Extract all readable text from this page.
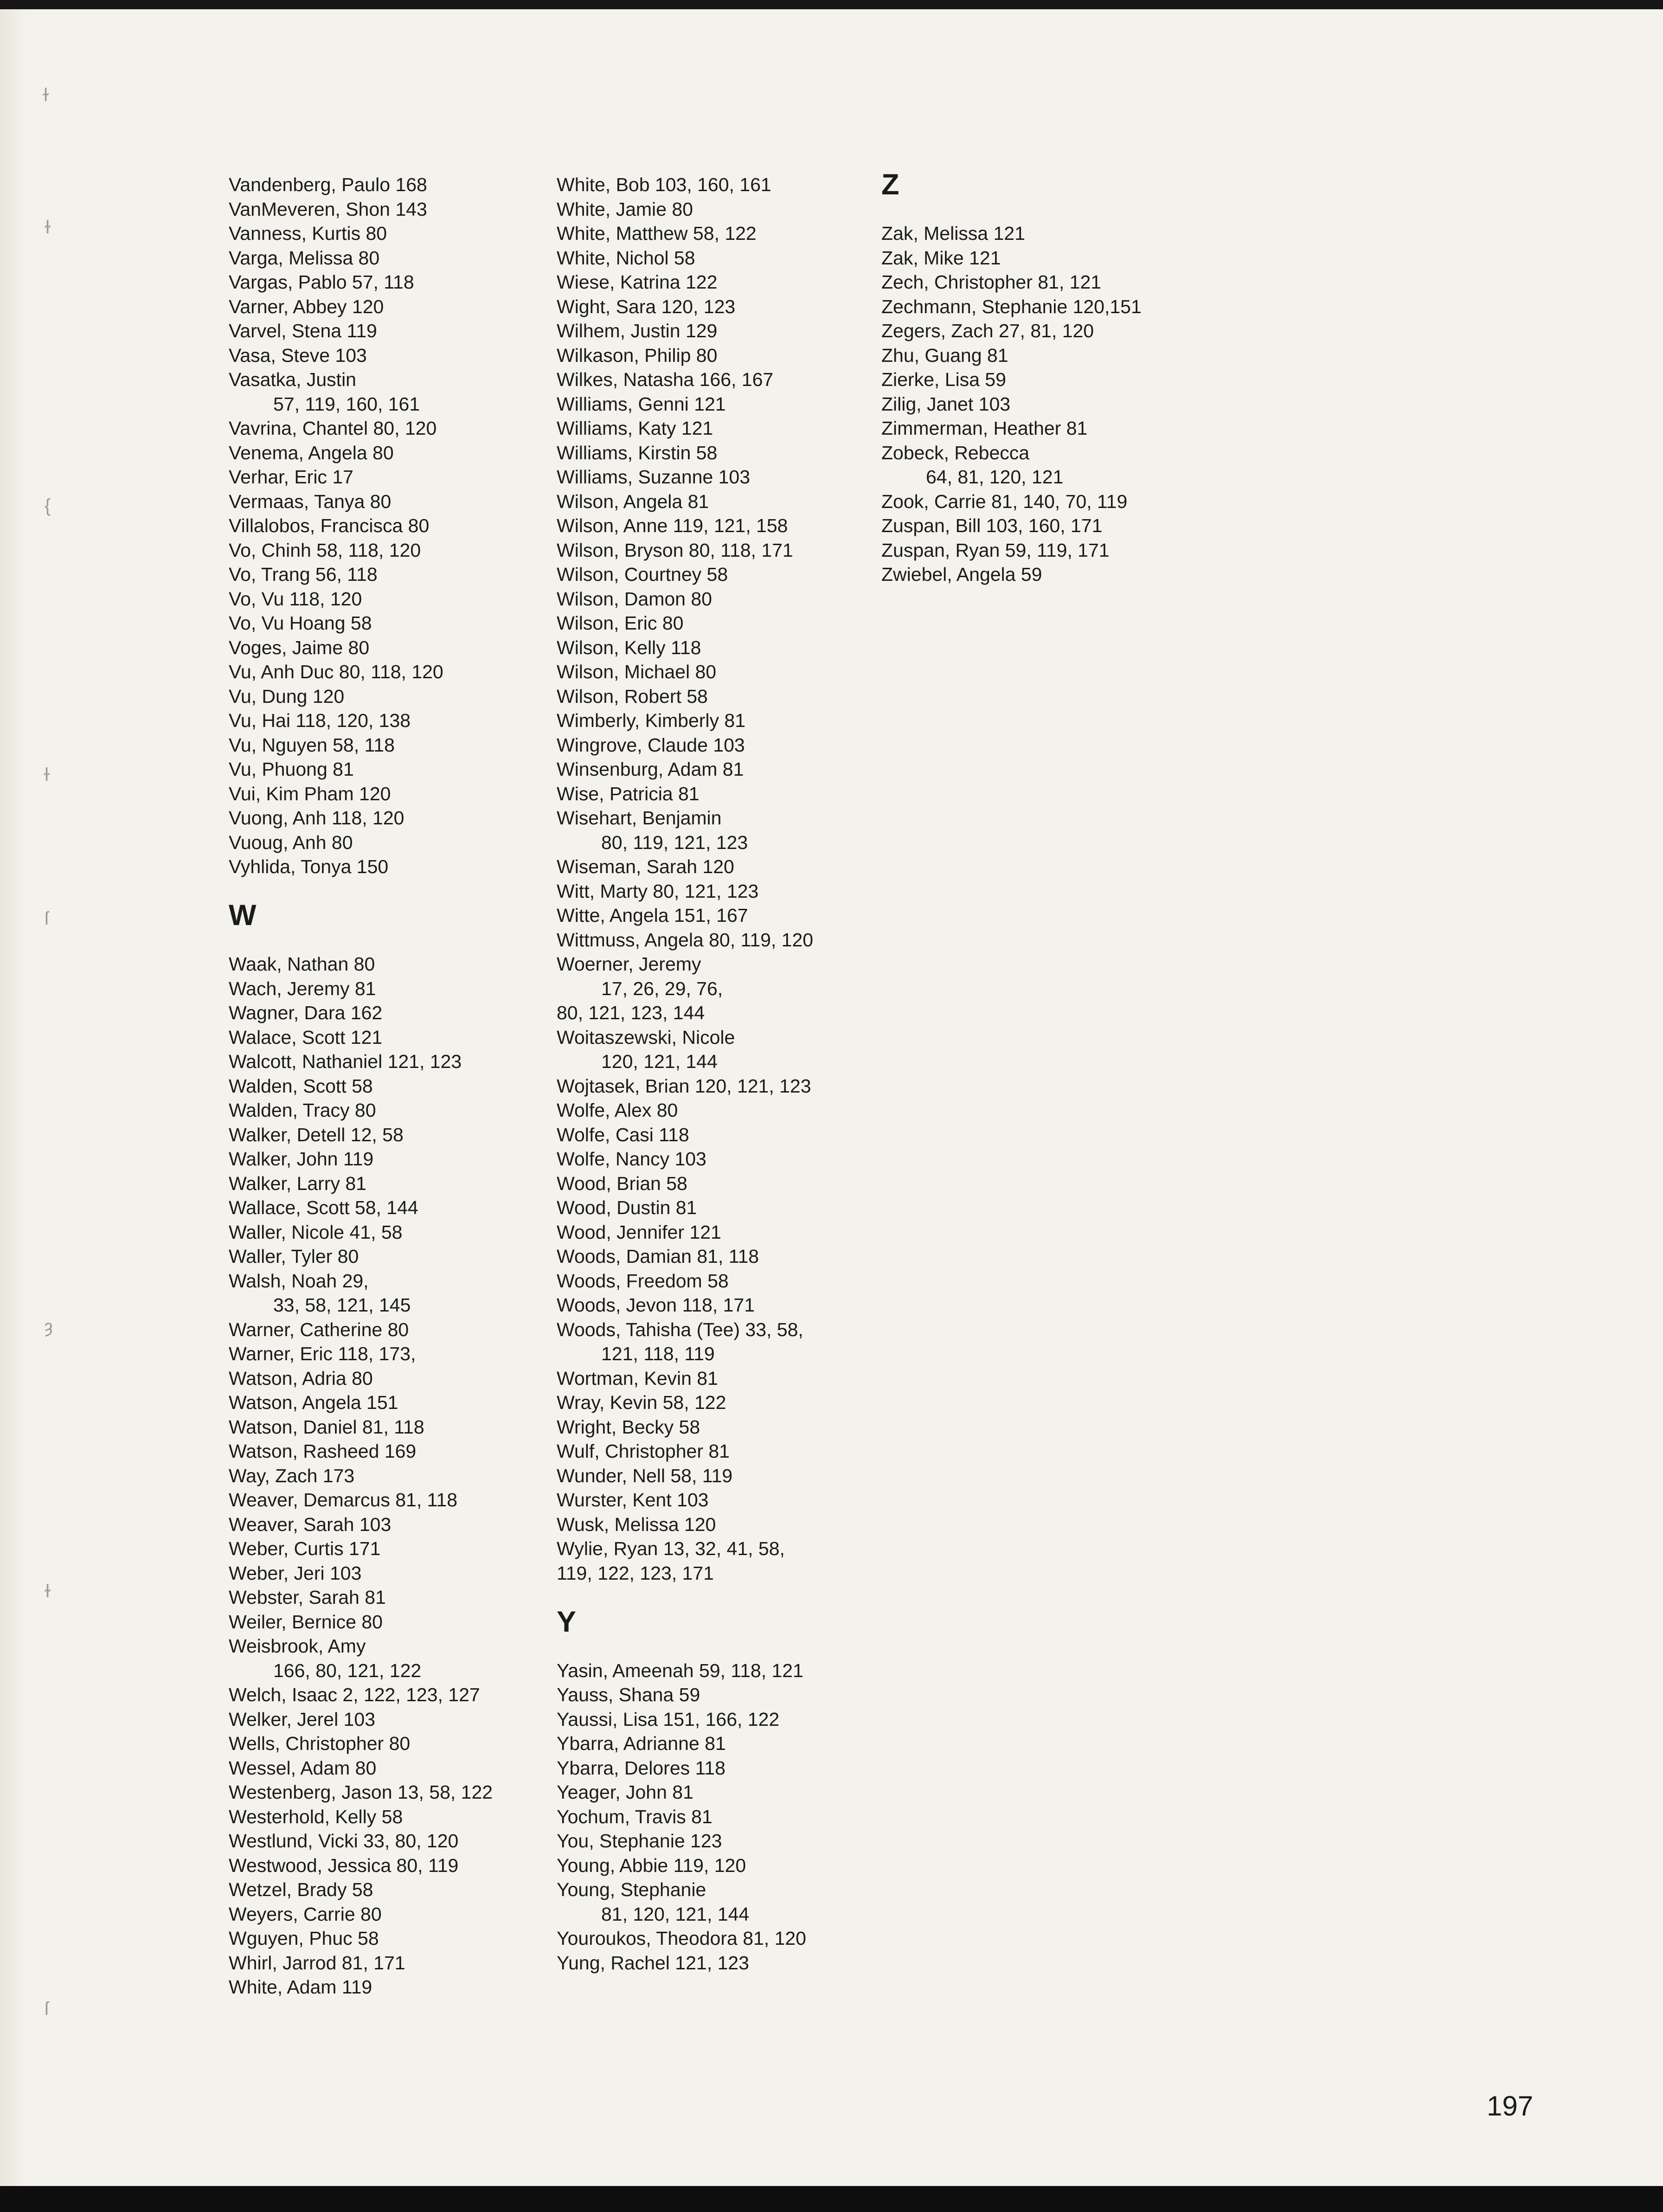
ɫ
ɫ
{
ɫ
ſ
ȝ
ɫ
ſ
Vandenberg, Paulo 168
VanMeveren, Shon 143
Vanness, Kurtis 80
Varga, Melissa 80
Vargas, Pablo 57, 118
Varner, Abbey 120
Varvel, Stena 119
Vasa, Steve 103
Vasatka, Justin
57, 119, 160, 161
Vavrina, Chantel 80, 120
Venema, Angela 80
Verhar, Eric 17
Vermaas, Tanya 80
Villalobos, Francisca 80
Vo, Chinh 58, 118, 120
Vo, Trang 56, 118
Vo, Vu 118, 120
Vo, Vu Hoang 58
Voges, Jaime 80
Vu, Anh Duc 80, 118, 120
Vu, Dung 120
Vu, Hai 118, 120, 138
Vu, Nguyen 58, 118
Vu, Phuong 81
Vui, Kim Pham 120
Vuong, Anh 118, 120
Vuoug, Anh 80
Vyhlida, Tonya 150
W
Waak, Nathan 80
Wach, Jeremy 81
Wagner, Dara 162
Walace, Scott 121
Walcott, Nathaniel 121, 123
Walden, Scott 58
Walden, Tracy 80
Walker, Detell 12, 58
Walker, John 119
Walker, Larry 81
Wallace, Scott 58, 144
Waller, Nicole 41, 58
Waller, Tyler 80
Walsh, Noah 29,
33, 58, 121, 145
Warner, Catherine 80
Warner, Eric 118, 173,
Watson, Adria 80
Watson, Angela 151
Watson, Daniel 81, 118
Watson, Rasheed 169
Way, Zach 173
Weaver, Demarcus 81, 118
Weaver, Sarah 103
Weber, Curtis 171
Weber, Jeri 103
Webster, Sarah 81
Weiler, Bernice 80
Weisbrook, Amy
166, 80, 121, 122
Welch, Isaac 2, 122, 123, 127
Welker, Jerel 103
Wells, Christopher 80
Wessel, Adam 80
Westenberg, Jason 13, 58, 122
Westerhold, Kelly 58
Westlund, Vicki 33, 80, 120
Westwood, Jessica 80, 119
Wetzel, Brady 58
Weyers, Carrie 80
Wguyen, Phuc 58
Whirl, Jarrod 81, 171
White, Adam 119
White, Bob 103, 160, 161
White, Jamie 80
White, Matthew 58, 122
White, Nichol 58
Wiese, Katrina 122
Wight, Sara 120, 123
Wilhem, Justin 129
Wilkason, Philip 80
Wilkes, Natasha 166, 167
Williams, Genni 121
Williams, Katy 121
Williams, Kirstin 58
Williams, Suzanne 103
Wilson, Angela 81
Wilson, Anne 119, 121, 158
Wilson, Bryson 80, 118, 171
Wilson, Courtney 58
Wilson, Damon 80
Wilson, Eric 80
Wilson, Kelly 118
Wilson, Michael 80
Wilson, Robert 58
Wimberly, Kimberly 81
Wingrove, Claude 103
Winsenburg, Adam 81
Wise, Patricia 81
Wisehart, Benjamin
80, 119, 121, 123
Wiseman, Sarah 120
Witt, Marty 80, 121, 123
Witte, Angela 151, 167
Wittmuss, Angela 80, 119, 120
Woerner, Jeremy
17, 26, 29, 76,
80, 121, 123, 144
Woitaszewski, Nicole
120, 121, 144
Wojtasek, Brian 120, 121, 123
Wolfe, Alex 80
Wolfe, Casi 118
Wolfe, Nancy 103
Wood, Brian 58
Wood, Dustin 81
Wood, Jennifer 121
Woods, Damian 81, 118
Woods, Freedom 58
Woods, Jevon 118, 171
Woods, Tahisha (Tee) 33, 58,
121, 118, 119
Wortman, Kevin 81
Wray, Kevin 58, 122
Wright, Becky 58
Wulf, Christopher 81
Wunder, Nell 58, 119
Wurster, Kent 103
Wusk, Melissa 120
Wylie, Ryan 13, 32, 41, 58,
119, 122, 123, 171
Y
Yasin, Ameenah 59, 118, 121
Yauss, Shana 59
Yaussi, Lisa 151, 166, 122
Ybarra, Adrianne 81
Ybarra, Delores 118
Yeager, John 81
Yochum, Travis 81
You, Stephanie 123
Young, Abbie 119, 120
Young, Stephanie
81, 120, 121, 144
Youroukos, Theodora 81, 120
Yung, Rachel 121, 123
Z
Zak, Melissa 121
Zak, Mike 121
Zech, Christopher 81, 121
Zechmann, Stephanie 120,151
Zegers, Zach 27, 81, 120
Zhu, Guang 81
Zierke, Lisa 59
Zilig, Janet 103
Zimmerman, Heather 81
Zobeck, Rebecca
64, 81, 120, 121
Zook, Carrie 81, 140, 70, 119
Zuspan, Bill 103, 160, 171
Zuspan, Ryan 59, 119, 171
Zwiebel, Angela 59
197
